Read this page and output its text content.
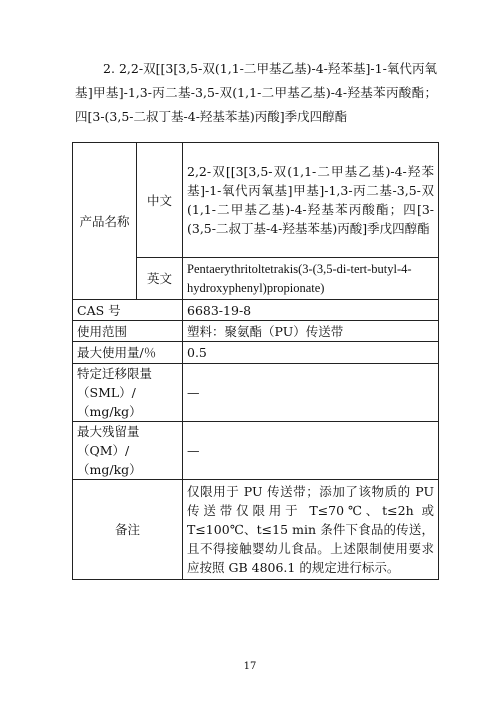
2. 2,2-双[[3[3,5-双(1,1-二甲基乙基)-4-羟苯基]-1-氧代丙氧基]甲基]-1,3-丙二基-3,5-双(1,1-二甲基乙基)-4-羟基苯丙酸酯；四[3-(3,5-二叔丁基-4-羟基苯基)丙酸]季戊四醇酯
产品名称	中文	2,2-双[[3[3,5-双(1,1-二甲基乙基)-4-羟苯基]-1-氧代丙氧基]甲基]-1,3-丙二基-3,5-双(1,1-二甲基乙基)-4-羟基苯丙酸酯；四[3-(3,5-二叔丁基-4-羟基苯基)丙酸]季戊四醇酯
	英文	Pentaerythritoltetrakis(3-(3,5-di-tert-butyl-4-hydroxyphenyl)propionate)
CAS 号		6683-19-8
使用范围		塑料：聚氨酯（PU）传送带
最大使用量/％		0.5
特定迁移限量（SML）/（mg/kg）		—
最大残留量（QM）/（mg/kg）		—
备注		仅限用于 PU 传送带；添加了该物质的 PU 传送带仅限用于 T≤70℃、t≤2h 或 T≤100℃、t≤15 min 条件下食品的传送，且不得接触婴幼儿食品。上述限制使用要求应按照 GB 4806.1 的规定进行标示。
17
